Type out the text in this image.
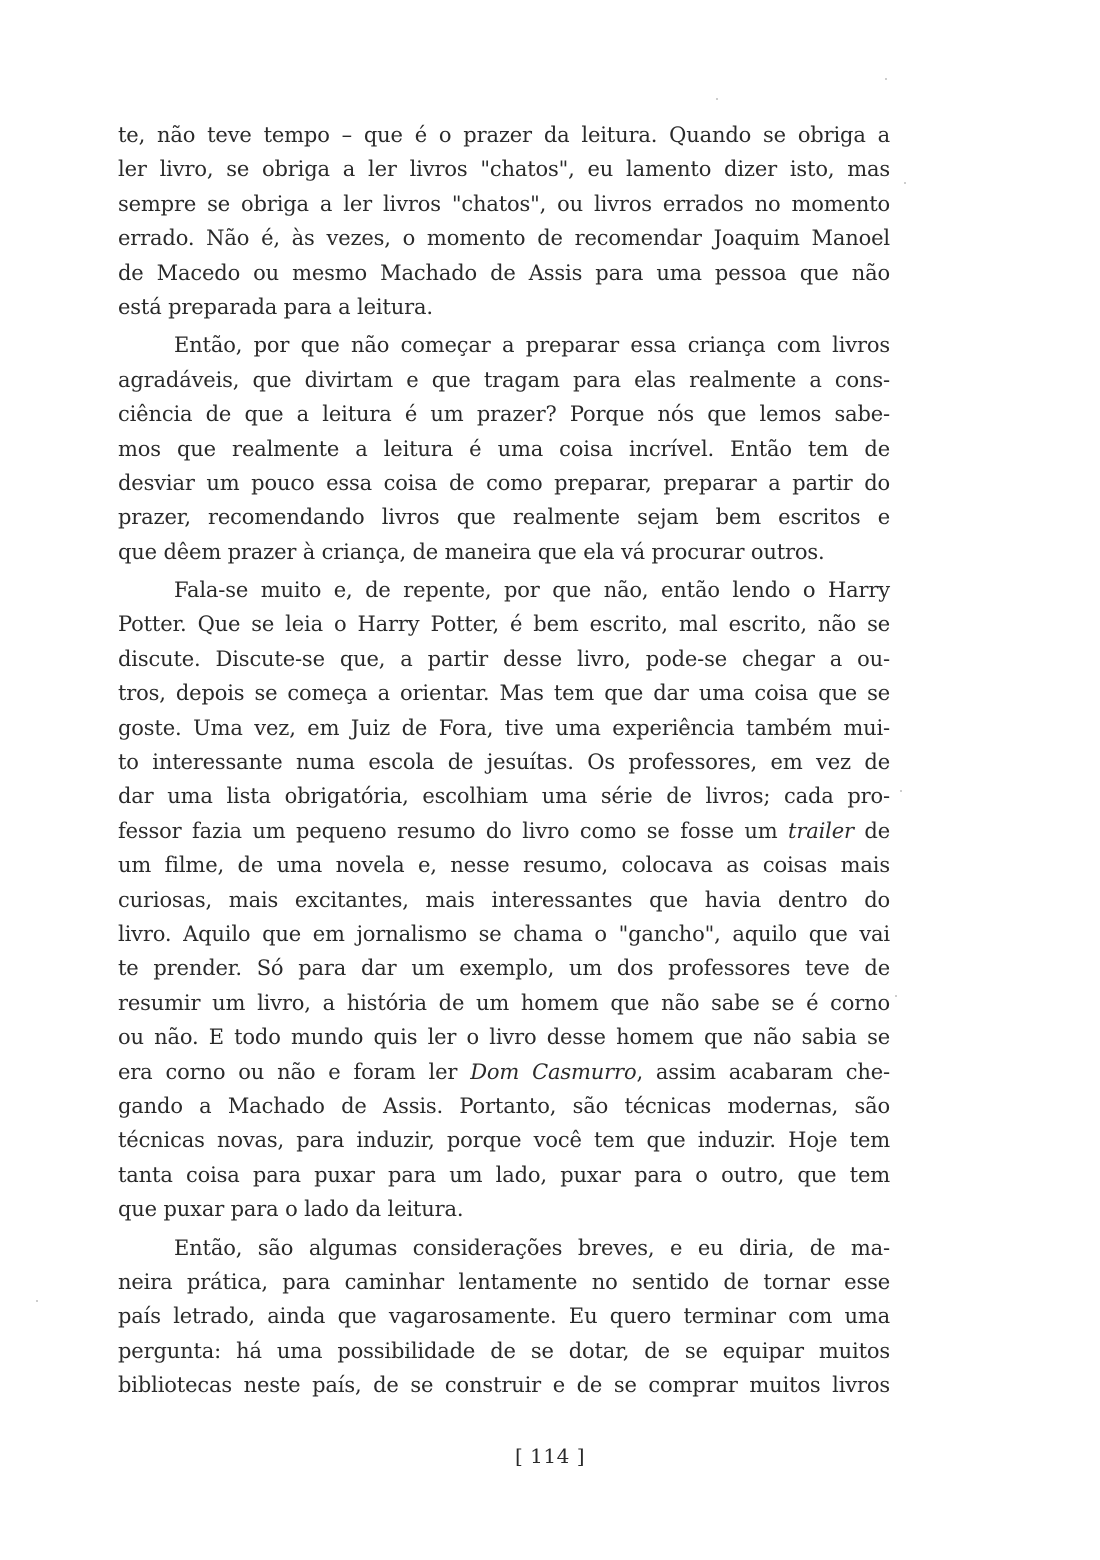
te, não teve tempo – que é o prazer da leitura. Quando se obriga a
ler livro, se obriga a ler livros "chatos", eu lamento dizer isto, mas
sempre se obriga a ler livros "chatos", ou livros errados no momento
errado. Não é, às vezes, o momento de recomendar Joaquim Manoel
de Macedo ou mesmo Machado de Assis para uma pessoa que não
está preparada para a leitura.
Então, por que não começar a preparar essa criança com livros
agradáveis, que divirtam e que tragam para elas realmente a cons-
ciência de que a leitura é um prazer? Porque nós que lemos sabe-
mos que realmente a leitura é uma coisa incrível. Então tem de
desviar um pouco essa coisa de como preparar, preparar a partir do
prazer, recomendando livros que realmente sejam bem escritos e
que dêem prazer à criança, de maneira que ela vá procurar outros.
Fala-se muito e, de repente, por que não, então lendo o Harry
Potter. Que se leia o Harry Potter, é bem escrito, mal escrito, não se
discute. Discute-se que, a partir desse livro, pode-se chegar a ou-
tros, depois se começa a orientar. Mas tem que dar uma coisa que se
goste. Uma vez, em Juiz de Fora, tive uma experiência também mui-
to interessante numa escola de jesuítas. Os professores, em vez de
dar uma lista obrigatória, escolhiam uma série de livros; cada pro-
fessor fazia um pequeno resumo do livro como se fosse um trailer de
um filme, de uma novela e, nesse resumo, colocava as coisas mais
curiosas, mais excitantes, mais interessantes que havia dentro do
livro. Aquilo que em jornalismo se chama o "gancho", aquilo que vai
te prender. Só para dar um exemplo, um dos professores teve de
resumir um livro, a história de um homem que não sabe se é corno
ou não. E todo mundo quis ler o livro desse homem que não sabia se
era corno ou não e foram ler Dom Casmurro, assim acabaram che-
gando a Machado de Assis. Portanto, são técnicas modernas, são
técnicas novas, para induzir, porque você tem que induzir. Hoje tem
tanta coisa para puxar para um lado, puxar para o outro, que tem
que puxar para o lado da leitura.
Então, são algumas considerações breves, e eu diria, de ma-
neira prática, para caminhar lentamente no sentido de tornar esse
país letrado, ainda que vagarosamente. Eu quero terminar com uma
pergunta: há uma possibilidade de se dotar, de se equipar muitos
bibliotecas neste país, de se construir e de se comprar muitos livros
[ 114 ]
